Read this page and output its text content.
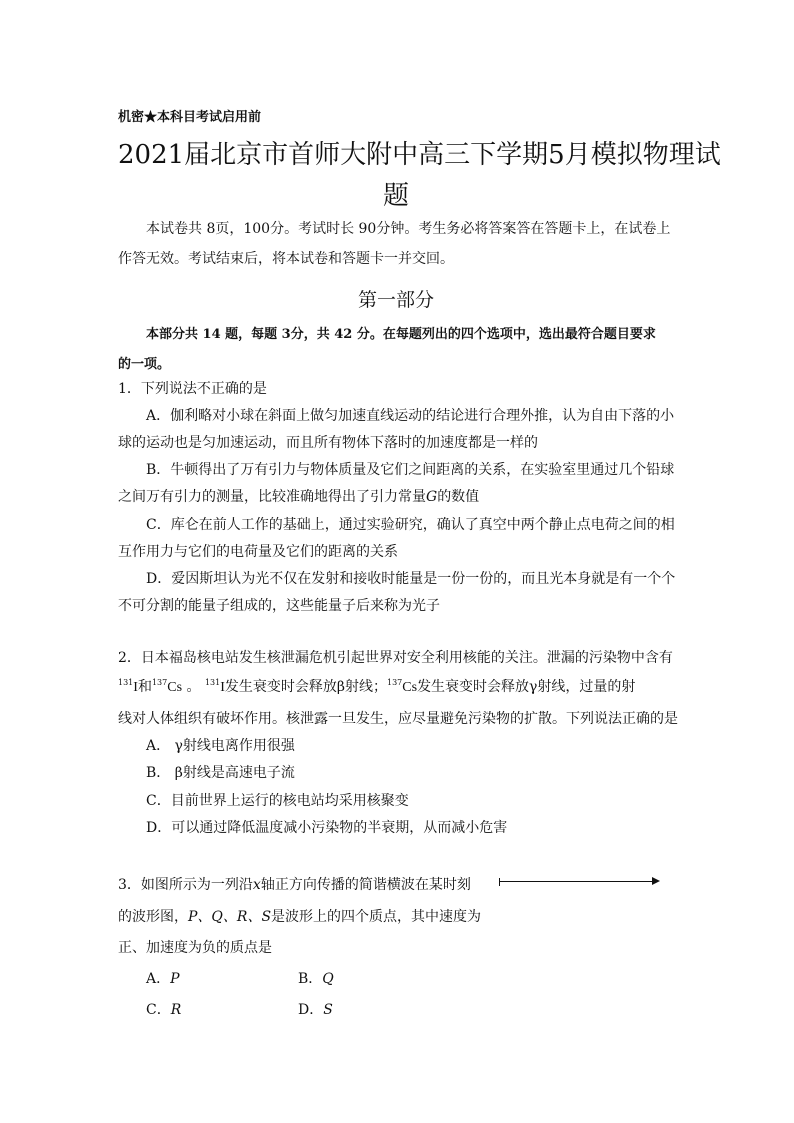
机密★本科目考试启用前
2021届北京市首师大附中高三下学期5月模拟物理试
题
本试卷共 8页，100分。考试时长 90分钟。考生务必将答案答在答题卡上，在试卷上
作答无效。考试结束后，将本试卷和答题卡一并交回。
第一部分
本部分共 14 题，每题 3分，共 42 分。在每题列出的四个选项中，选出最符合题目要求
的一项。
1．下列说法不正确的是
A．伽利略对小球在斜面上做匀加速直线运动的结论进行合理外推，认为自由下落的小
球的运动也是匀加速运动，而且所有物体下落时的加速度都是一样的
B．牛顿得出了万有引力与物体质量及它们之间距离的关系，在实验室里通过几个铅球
之间万有引力的测量，比较准确地得出了引力常量G的数值
C．库仑在前人工作的基础上，通过实验研究，确认了真空中两个静止点电荷之间的相
互作用力与它们的电荷量及它们的距离的关系
D．爱因斯坦认为光不仅在发射和接收时能量是一份一份的，而且光本身就是有一个个
不可分割的能量子组成的，这些能量子后来称为光子
2．日本福岛核电站发生核泄漏危机引起世界对安全利用核能的关注。泄漏的污染物中含有
$^{131}$I和$^{137}$Cs 。 $^{131}$I发生衰变时会释放β射线；$^{137}$Cs发生衰变时会释放γ射线，过量的射
线对人体组织有破坏作用。核泄露一旦发生，应尽量避免污染物的扩散。下列说法正确的是
A． γ射线电离作用很强
B． β射线是高速电子流
C．目前世界上运行的核电站均采用核聚变
D．可以通过降低温度减小污染物的半衰期，从而减小危害
3．如图所示为一列沿x轴正方向传播的简谐横波在某时刻
的波形图，P、Q、R、S是波形上的四个质点，其中速度为
正、加速度为负的质点是
A．P	B．Q
C．R	D．S
